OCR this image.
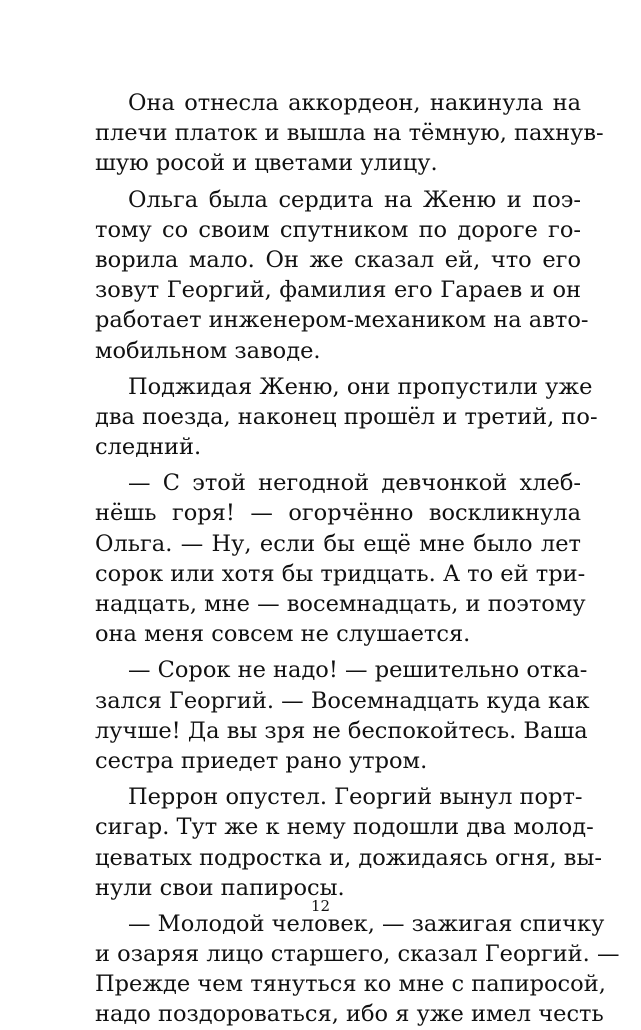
Она отнесла аккордеон, накинула на
плечи платок и вышла на тёмную, пахнув-
шую росой и цветами улицу.
Ольга была сердита на Женю и поэ-
тому со своим спутником по дороге го-
ворила мало. Он же сказал ей, что его
зовут Георгий, фамилия его Гараев и он
работает инженером-механиком на авто-
мобильном заводе.
Поджидая Женю, они пропустили уже
два поезда, наконец прошёл и третий, по-
следний.
— С этой негодной девчонкой хлеб-
нёшь горя! — огорчённо воскликнула
Ольга. — Ну, если бы ещё мне было лет
сорок или хотя бы тридцать. А то ей три-
надцать, мне — восемнадцать, и поэтому
она меня совсем не слушается.
— Сорок не надо! — решительно отка-
зался Георгий. — Восемнадцать куда как
лучше! Да вы зря не беспокойтесь. Ваша
сестра приедет рано утром.
Перрон опустел. Георгий вынул порт-
сигар. Тут же к нему подошли два молод-
цеватых подростка и, дожидаясь огня, вы-
нули свои папиросы.
— Молодой человек, — зажигая спичку
и озаряя лицо старшего, сказал Георгий. —
Прежде чем тянуться ко мне с папиросой,
надо поздороваться, ибо я уже имел честь
12
